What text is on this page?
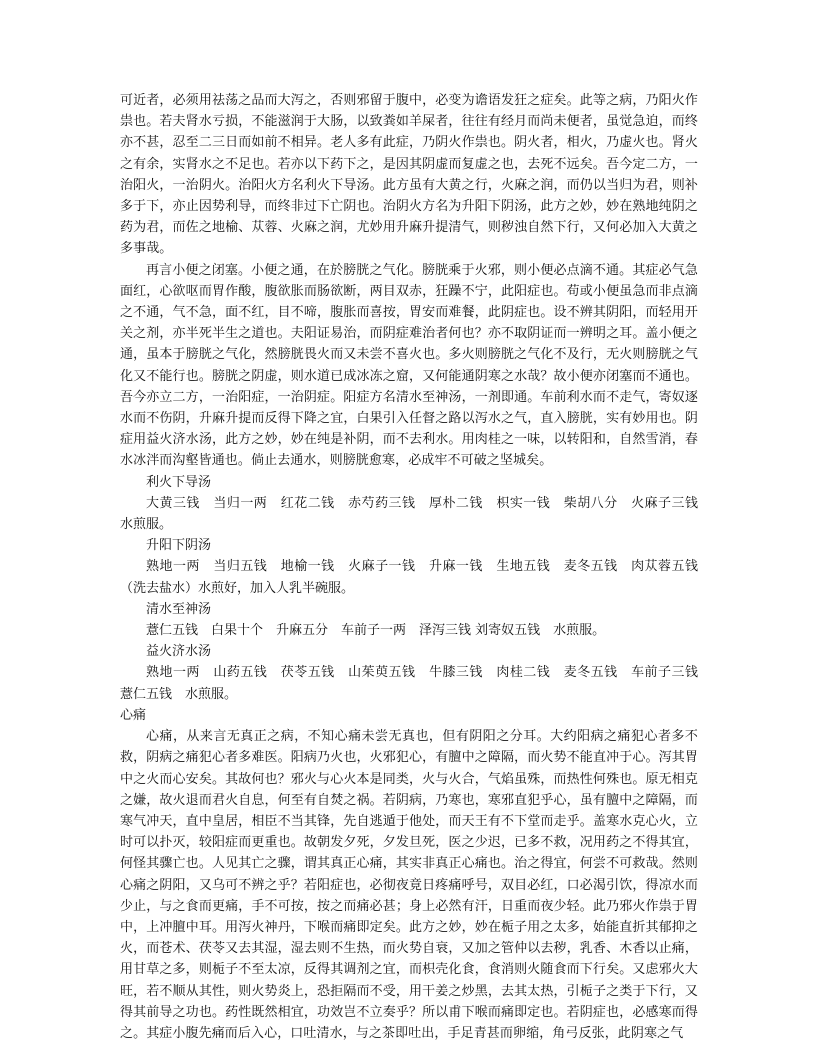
可近者，必须用祛荡之品而大泻之，否则邪留于腹中，必变为谵语发狂之症矣。此等之病，乃阳火作祟也。若夫肾水亏损，不能滋润于大肠，以致粪如羊屎者，往往有经月而尚未便者，虽觉急迫，而终亦不甚，忍至二三日而如前不相异。老人多有此症，乃阴火作祟也。阴火者，相火，乃虚火也。肾火之有余，实肾水之不足也。若亦以下药下之，是因其阴虚而复虚之也，去死不远矣。吾今定二方，一治阳火，一治阴火。治阳火方名利火下导汤。此方虽有大黄之行，火麻之润，而仍以当归为君，则补多于下，亦止因势利导，而终非过下亡阴也。治阴火方名为升阳下阴汤，此方之妙，妙在熟地纯阴之药为君，而佐之地榆、苁蓉、火麻之润，尤妙用升麻升提清气，则秽浊自然下行，又何必加入大黄之多事哉。

再言小便之闭塞。小便之通，在於膀胱之气化。膀胱乘于火邪，则小便必点滴不通。其症必气急面红，心欲呕而胃作酸，腹欲胀而肠欲断，两目双赤，狂躁不宁，此阳症也。苟或小便虽急而非点滴之不通，气不急，面不红，目不啼，腹胀而喜按，胃安而难餐，此阴症也。设不辨其阴阳，而轻用开关之剂，亦半死半生之道也。夫阳证易治，而阴症难治者何也？亦不取阴证而一辨明之耳。盖小便之通，虽本于膀胱之气化，然膀胱畏火而又未尝不喜火也。多火则膀胱之气化不及行，无火则膀胱之气化又不能行也。膀胱之阴虚，则水道已成冰冻之窟，又何能通阴寒之水哉？故小便亦闭塞而不通也。吾今亦立二方，一治阳症，一治阴症。阳症方名清水至神汤，一剂即通。车前利水而不走气，寄奴逐水而不伤阴，升麻升提而反得下降之宜，白果引入任督之路以泻水之气，直入膀胱，实有妙用也。阴症用益火济水汤，此方之妙，妙在纯是补阴，而不去利水。用肉桂之一味，以转阳和，自然雪消，春水冰泮而沟壑皆通也。倘止去通水，则膀胱愈寒，必成牢不可破之坚城矣。

利火下导汤

大黄三钱　当归一两　红花二钱　赤芍药三钱　厚朴二钱　枳实一钱　柴胡八分　火麻子三钱　水煎服。

升阳下阴汤

熟地一两　当归五钱　地榆一钱　火麻子一钱　升麻一钱　生地五钱　麦冬五钱　肉苁蓉五钱（洗去盐水）水煎好，加入人乳半碗服。

清水至神汤

薏仁五钱　白果十个　升麻五分　车前子一两　泽泻三钱 刘寄奴五钱　水煎服。

益火济水汤

熟地一两　山药五钱　茯苓五钱　山茱萸五钱　牛膝三钱　肉桂二钱　麦冬五钱　车前子三钱　薏仁五钱　水煎服。

心痛

心痛，从来言无真正之病，不知心痛未尝无真也，但有阴阳之分耳。大约阳病之痛犯心者多不救，阴病之痛犯心者多难医。阳病乃火也，火邪犯心，有膻中之障隔，而火势不能直冲于心。泻其胃中之火而心安矣。其故何也？邪火与心火本是同类，火与火合，气焰虽殊，而热性何殊也。原无相克之嫌，故火退而君火自息，何至有自焚之祸。若阴病，乃寒也，寒邪直犯乎心，虽有膻中之障隔，而寒气冲天，直中皇居，相臣不当其锋，先自逃遁于他处，而天王有不下堂而走乎。盖寒水克心火，立时可以扑灭，较阳症而更重也。故朝发夕死，夕发旦死，医之少迟，已多不救，况用药之不得其宜，何怪其骤亡也。人见其亡之骤，谓其真正心痛，其实非真正心痛也。治之得宜，何尝不可救哉。然则心痛之阴阳，又乌可不辨之乎？若阳症也，必彻夜竟日疼痛呼号，双目必红，口必渴引饮，得凉水而少止，与之食而更痛，手不可按，按之而痛必甚；身上必然有汗，日重而夜少轻。此乃邪火作祟于胃中，上冲膻中耳。用泻火神丹，下喉而痛即定矣。此方之妙，妙在栀子用之太多，始能直折其郁抑之火，而苍术、茯苓又去其湿，湿去则不生热，而火势自衰，又加之管仲以去秽，乳香、木香以止痛，用甘草之多，则栀子不至太凉，反得其调剂之宜，而枳壳化食，食消则火随食而下行矣。又虑邪火大旺，若不顺从其性，则火势炎上，恐拒隔而不受，用干姜之炒黑，去其太热，引栀子之类于下行，又得其前导之功也。药性既然相宜，功效岂不立奏乎？所以甫下喉而痛即定也。若阴症也，必感寒而得之。其症小腹先痛而后入心，口吐清水，与之茶即吐出，手足青甚而卵缩，角弓反张，此阴寒之气
